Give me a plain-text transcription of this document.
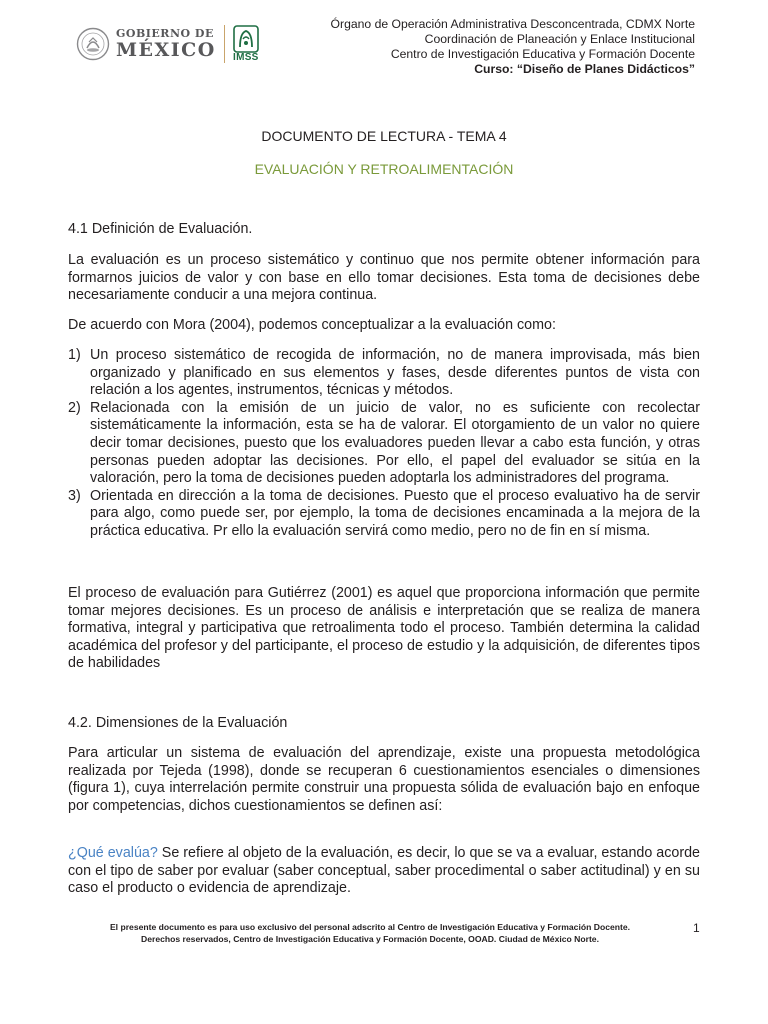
GOBIERNO DE
MÉXICO IMSS
Órgano de Operación Administrativa Desconcentrada, CDMX Norte
Coordinación de Planeación y Enlace Institucional
Centro de Investigación Educativa y Formación Docente
Curso: “Diseño de Planes Didácticos”
DOCUMENTO DE LECTURA - TEMA 4
EVALUACIÓN Y RETROALIMENTACIÓN
4.1 Definición de Evaluación.
La evaluación es un proceso sistemático y continuo que nos permite obtener información para formarnos juicios de valor y con base en ello tomar decisiones. Esta toma de decisiones debe necesariamente conducir a una mejora continua.
De acuerdo con Mora (2004), podemos conceptualizar a la evaluación como:
1) Un proceso sistemático de recogida de información, no de manera improvisada, más bien organizado y planificado en sus elementos y fases, desde diferentes puntos de vista con relación a los agentes, instrumentos, técnicas y métodos.
2) Relacionada con la emisión de un juicio de valor, no es suficiente con recolectar sistemáticamente la información, esta se ha de valorar. El otorgamiento de un valor no quiere decir tomar decisiones, puesto que los evaluadores pueden llevar a cabo esta función, y otras personas pueden adoptar las decisiones. Por ello, el papel del evaluador se sitúa en la valoración, pero la toma de decisiones pueden adoptarla los administradores del programa.
3) Orientada en dirección a la toma de decisiones. Puesto que el proceso evaluativo ha de servir para algo, como puede ser, por ejemplo, la toma de decisiones encaminada a la mejora de la práctica educativa. Pr ello la evaluación servirá como medio, pero no de fin en sí misma.
El proceso de evaluación para Gutiérrez (2001) es aquel que proporciona información que permite tomar mejores decisiones. Es un proceso de análisis e interpretación que se realiza de manera formativa, integral y participativa que retroalimenta todo el proceso. También determina la calidad académica del profesor y del participante, el proceso de estudio y la adquisición, de diferentes tipos de habilidades
4.2. Dimensiones de la Evaluación
Para articular un sistema de evaluación del aprendizaje, existe una propuesta metodológica realizada por Tejeda (1998), donde se recuperan 6 cuestionamientos esenciales o dimensiones (figura 1), cuya interrelación permite construir una propuesta sólida de evaluación bajo en enfoque por competencias, dichos cuestionamientos se definen así:
¿Qué evalúa? Se refiere al objeto de la evaluación, es decir, lo que se va a evaluar, estando acorde con el tipo de saber por evaluar (saber conceptual, saber procedimental o saber actitudinal) y en su caso el producto o evidencia de aprendizaje.
El presente documento es para uso exclusivo del personal adscrito al Centro de Investigación Educativa y Formación Docente.
Derechos reservados, Centro de Investigación Educativa y Formación Docente, OOAD. Ciudad de México Norte.
1
